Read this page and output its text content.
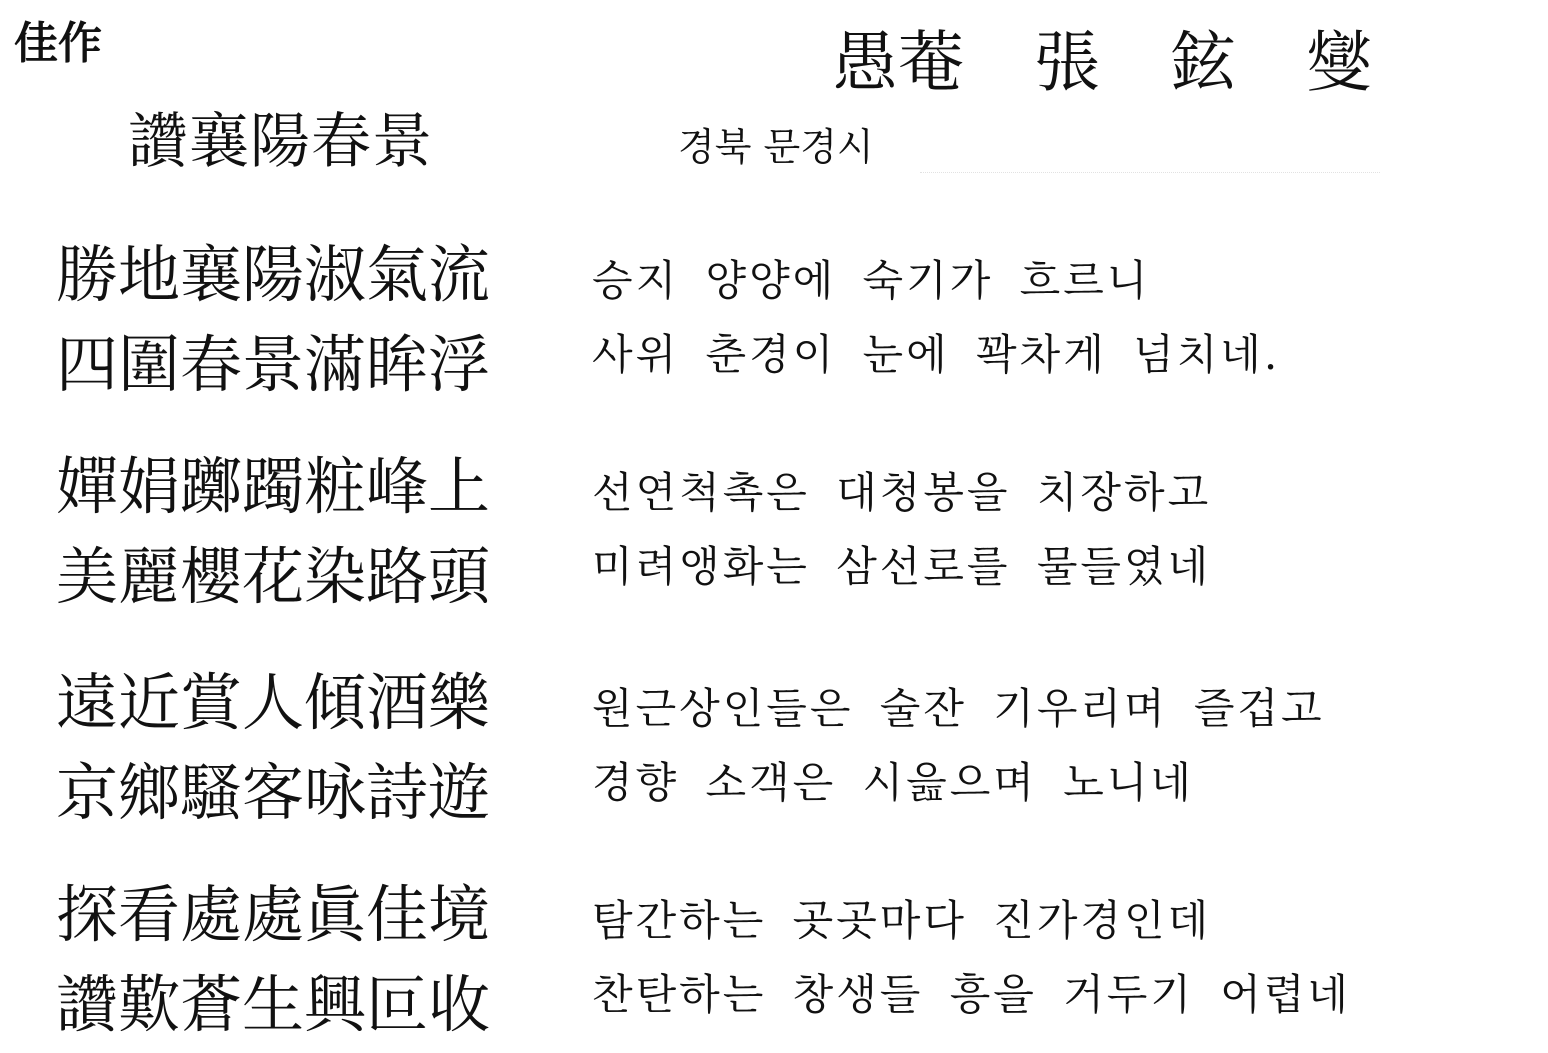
佳作	愚菴 張 鉉 燮
讚襄陽春景	경북 문경시
勝地襄陽淑氣流
四圍春景滿眸浮
승지 양양에 숙기가 흐르니
사위 춘경이 눈에 꽉차게 넘치네.
嬋娟躑躅粧峰上
美麗櫻花染路頭
선연척촉은 대청봉을 치장하고
미려앵화는 삼선로를 물들였네
遠近賞人傾酒樂
京鄉騷客咏詩遊
원근상인들은 술잔 기우리며 즐겁고
경향 소객은 시읊으며 노니네
探看處處眞佳境
讚歎蒼生興叵收
탐간하는 곳곳마다 진가경인데
찬탄하는 창생들 흥을 거두기 어렵네
